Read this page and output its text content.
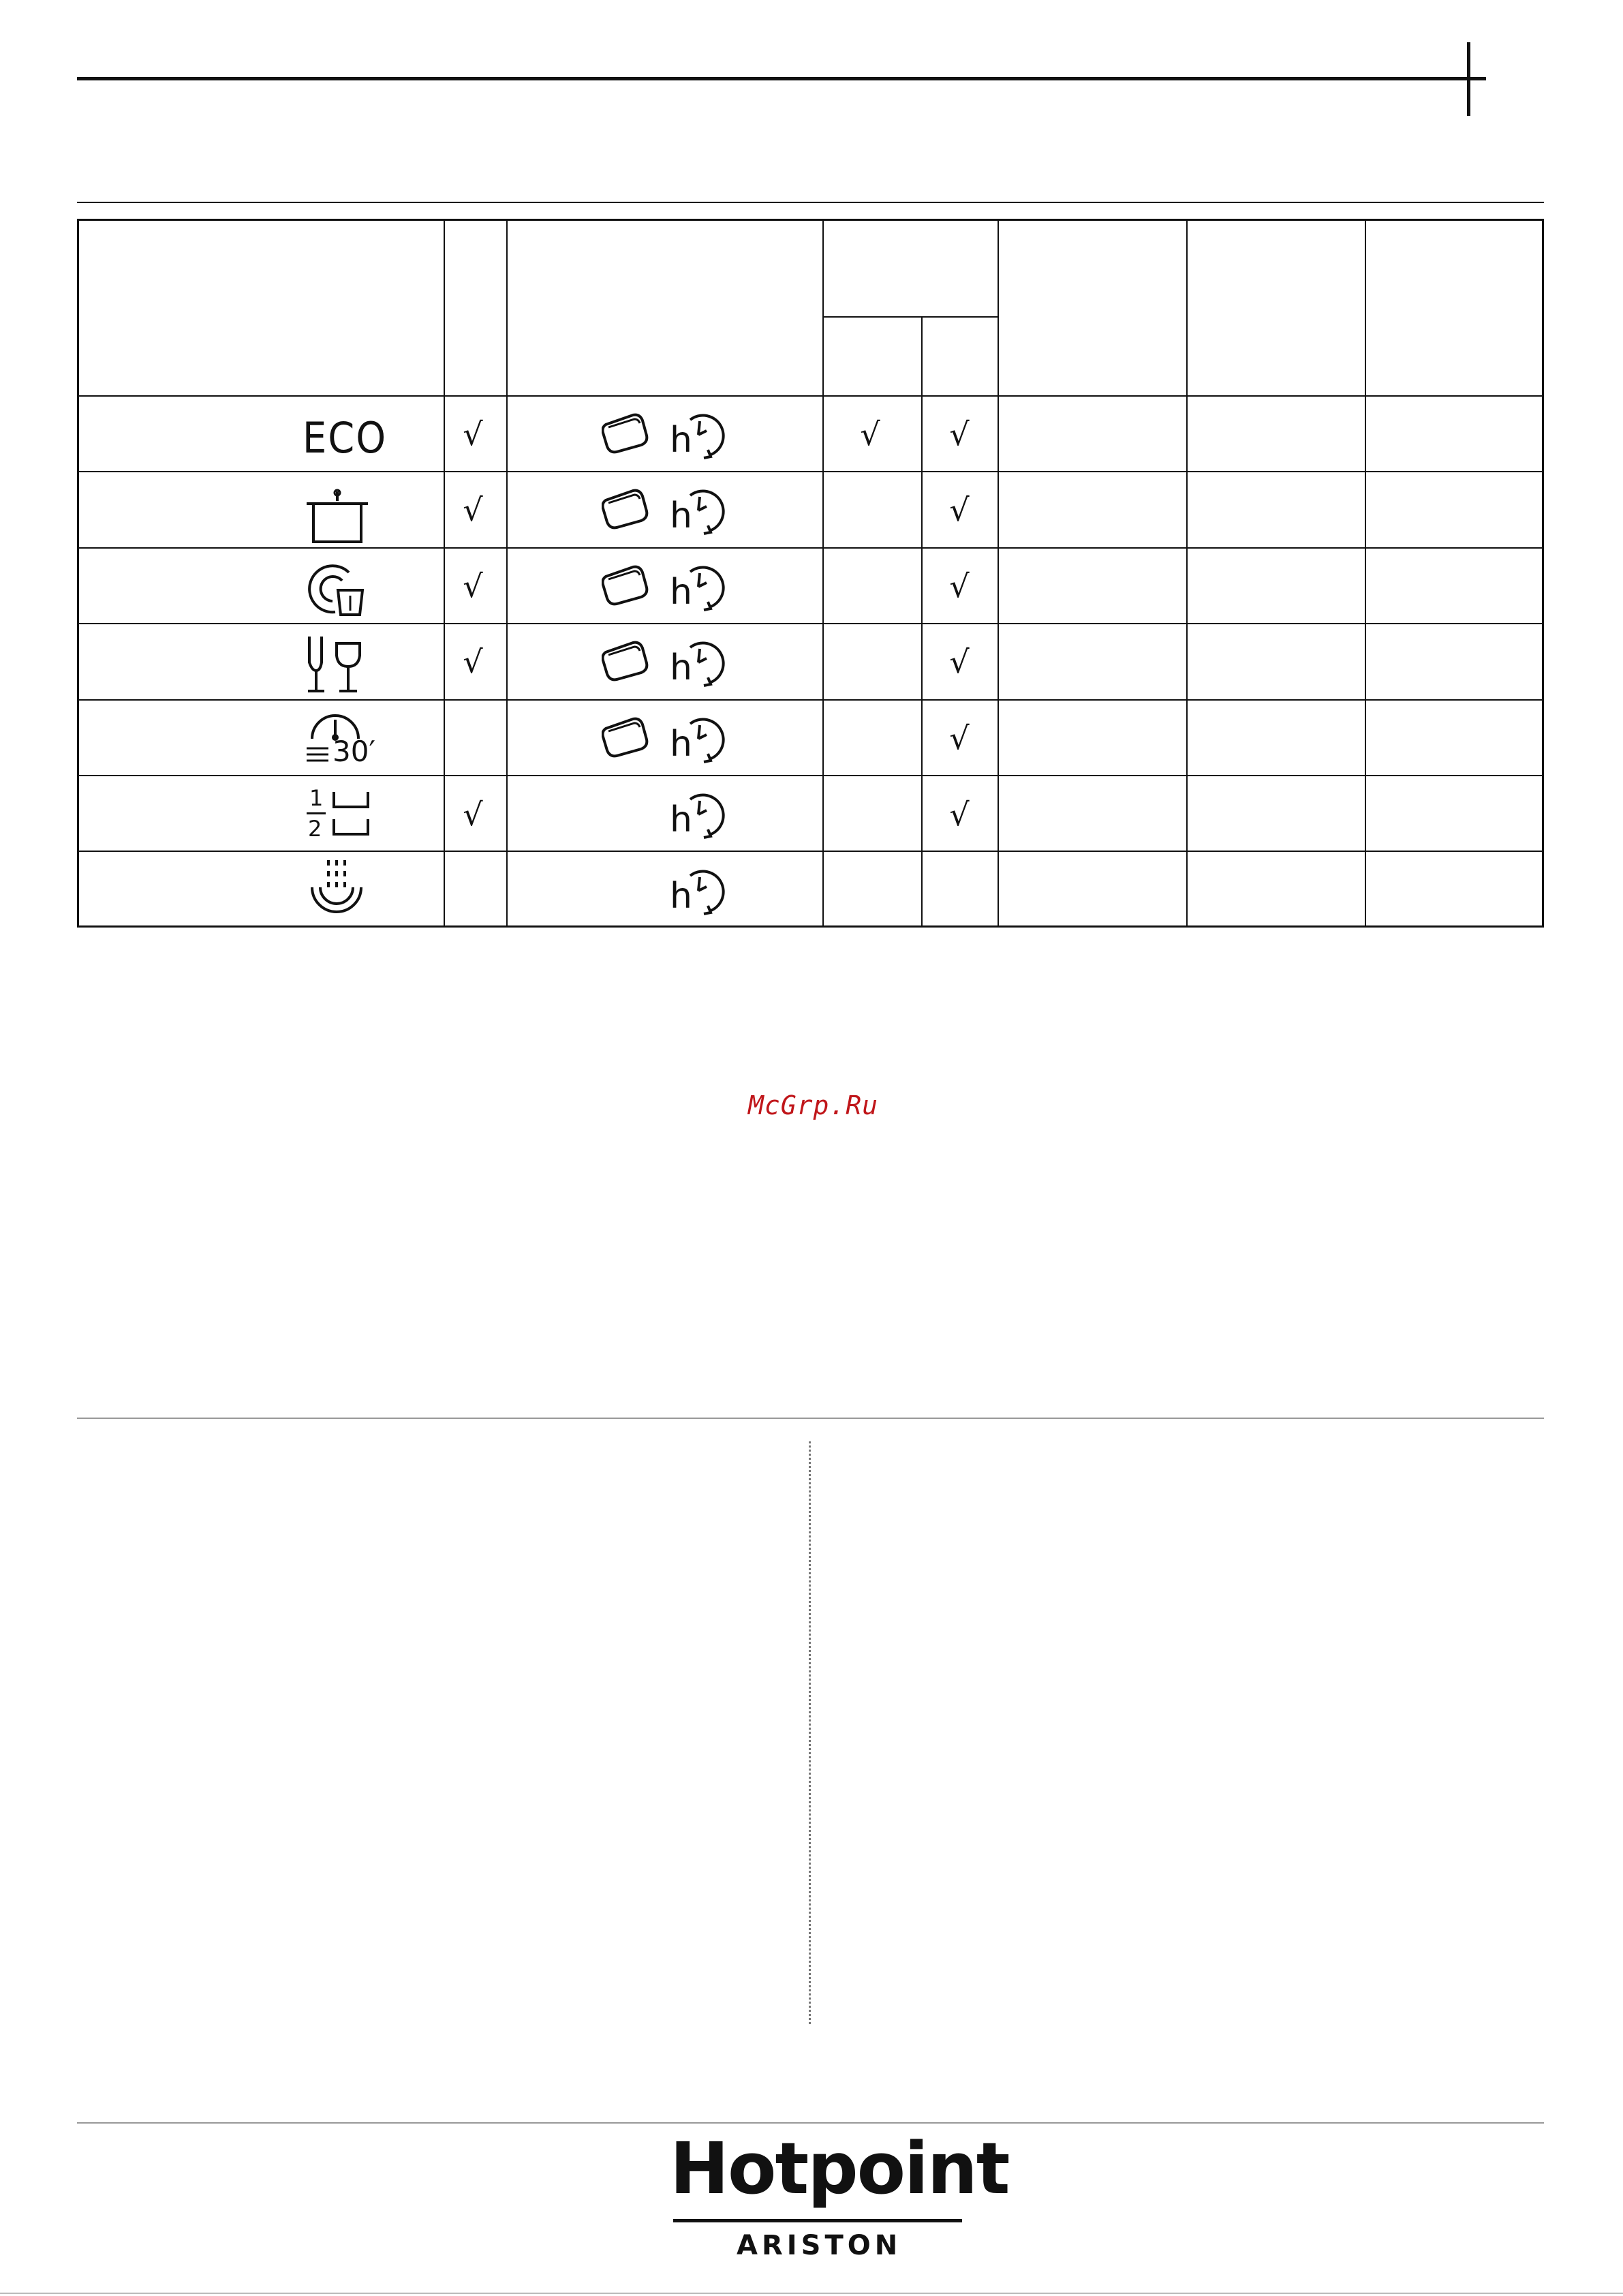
ECO
30′
1
2
√
√
√
√
√
√	√
√
√
√
√
√
h
h
h
h
h
h
h
McGrp.Ru
Hotpoint
ARISTON
